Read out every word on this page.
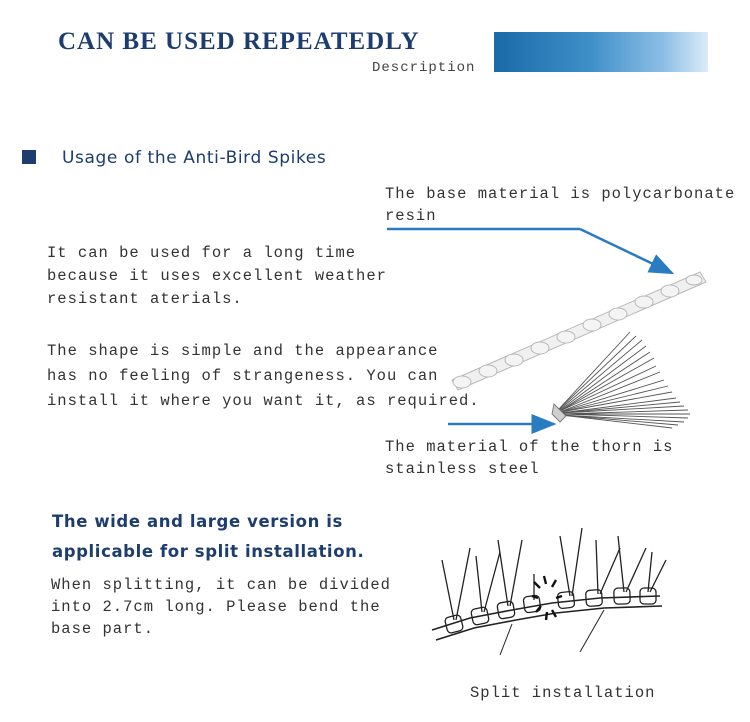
CAN BE USED REPEATEDLY
Description
Usage of the Anti-Bird Spikes
The base material is polycarbonate
resin
It can be used for a long time
because it uses excellent weather
resistant aterials.
The shape is simple and the appearance
has no feeling of strangeness. You can
install it where you want it, as required.
The material of the thorn is
stainless steel
The wide and large version is
applicable for split installation.
When splitting, it can be divided
into 2.7cm long. Please bend the
base part.
Split installation
